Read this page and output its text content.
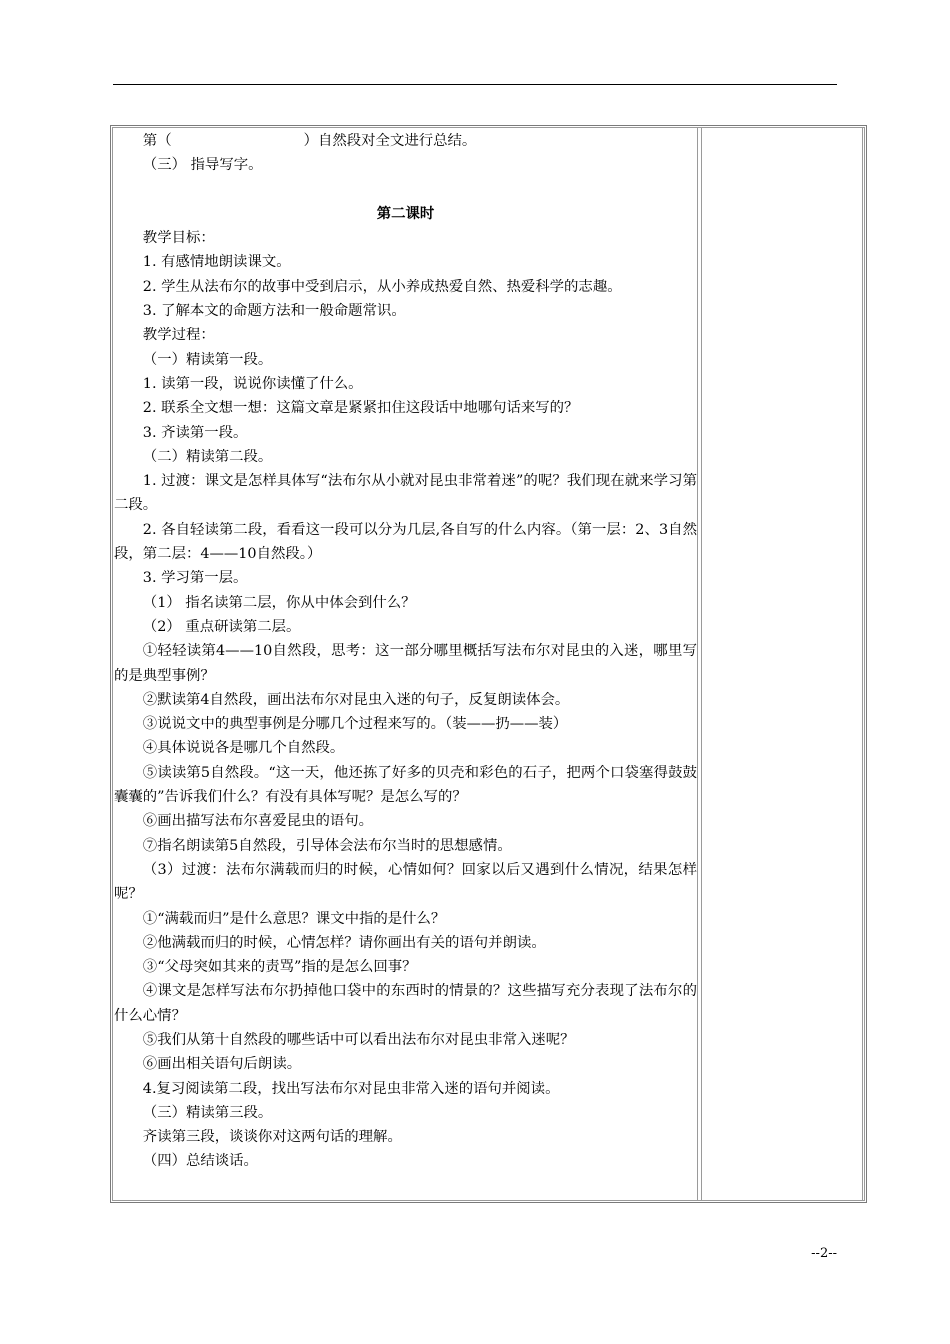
第（	）自然段对全文进行总结。

（三） 指导写字。

第二课时

教学目标：

1. 有感情地朗读课文。

2. 学生从法布尔的故事中受到启示，从小养成热爱自然、热爱科学的志趣。

3. 了解本文的命题方法和一般命题常识。

教学过程：

（一）精读第一段。

1. 读第一段，说说你读懂了什么。

2. 联系全文想一想：这篇文章是紧紧扣住这段话中地哪句话来写的？

3. 齐读第一段。

（二）精读第二段。

1. 过渡：课文是怎样具体写“法布尔从小就对昆虫非常着迷”的呢？我们现在就来学习第二段。

2. 各自轻读第二段，看看这一段可以分为几层,各自写的什么内容。（第一层：2、3自然段，第二层：4——10自然段。）

3. 学习第一层。

（1） 指名读第二层，你从中体会到什么？

（2） 重点研读第二层。

①轻轻读第4——10自然段，思考：这一部分哪里概括写法布尔对昆虫的入迷，哪里写的是典型事例？

②默读第4自然段，画出法布尔对昆虫入迷的句子，反复朗读体会。

③说说文中的典型事例是分哪几个过程来写的。（装——扔——装）

④具体说说各是哪几个自然段。

⑤读读第5自然段。“这一天，他还拣了好多的贝壳和彩色的石子，把两个口袋塞得鼓鼓囊囊的”告诉我们什么？有没有具体写呢？是怎么写的？

⑥画出描写法布尔喜爱昆虫的语句。

⑦指名朗读第5自然段，引导体会法布尔当时的思想感情。

（3）过渡：法布尔满载而归的时候，心情如何？回家以后又遇到什么情况，结果怎样呢？

①“满载而归”是什么意思？课文中指的是什么？

②他满载而归的时候，心情怎样？请你画出有关的语句并朗读。

③“父母突如其来的责骂”指的是怎么回事？

④课文是怎样写法布尔扔掉他口袋中的东西时的情景的？这些描写充分表现了法布尔的什么心情？

⑤我们从第十自然段的哪些话中可以看出法布尔对昆虫非常入迷呢？

⑥画出相关语句后朗读。

4.复习阅读第二段，找出写法布尔对昆虫非常入迷的语句并阅读。

（三）精读第三段。

齐读第三段，谈谈你对这两句话的理解。

（四）总结谈话。

--2--
